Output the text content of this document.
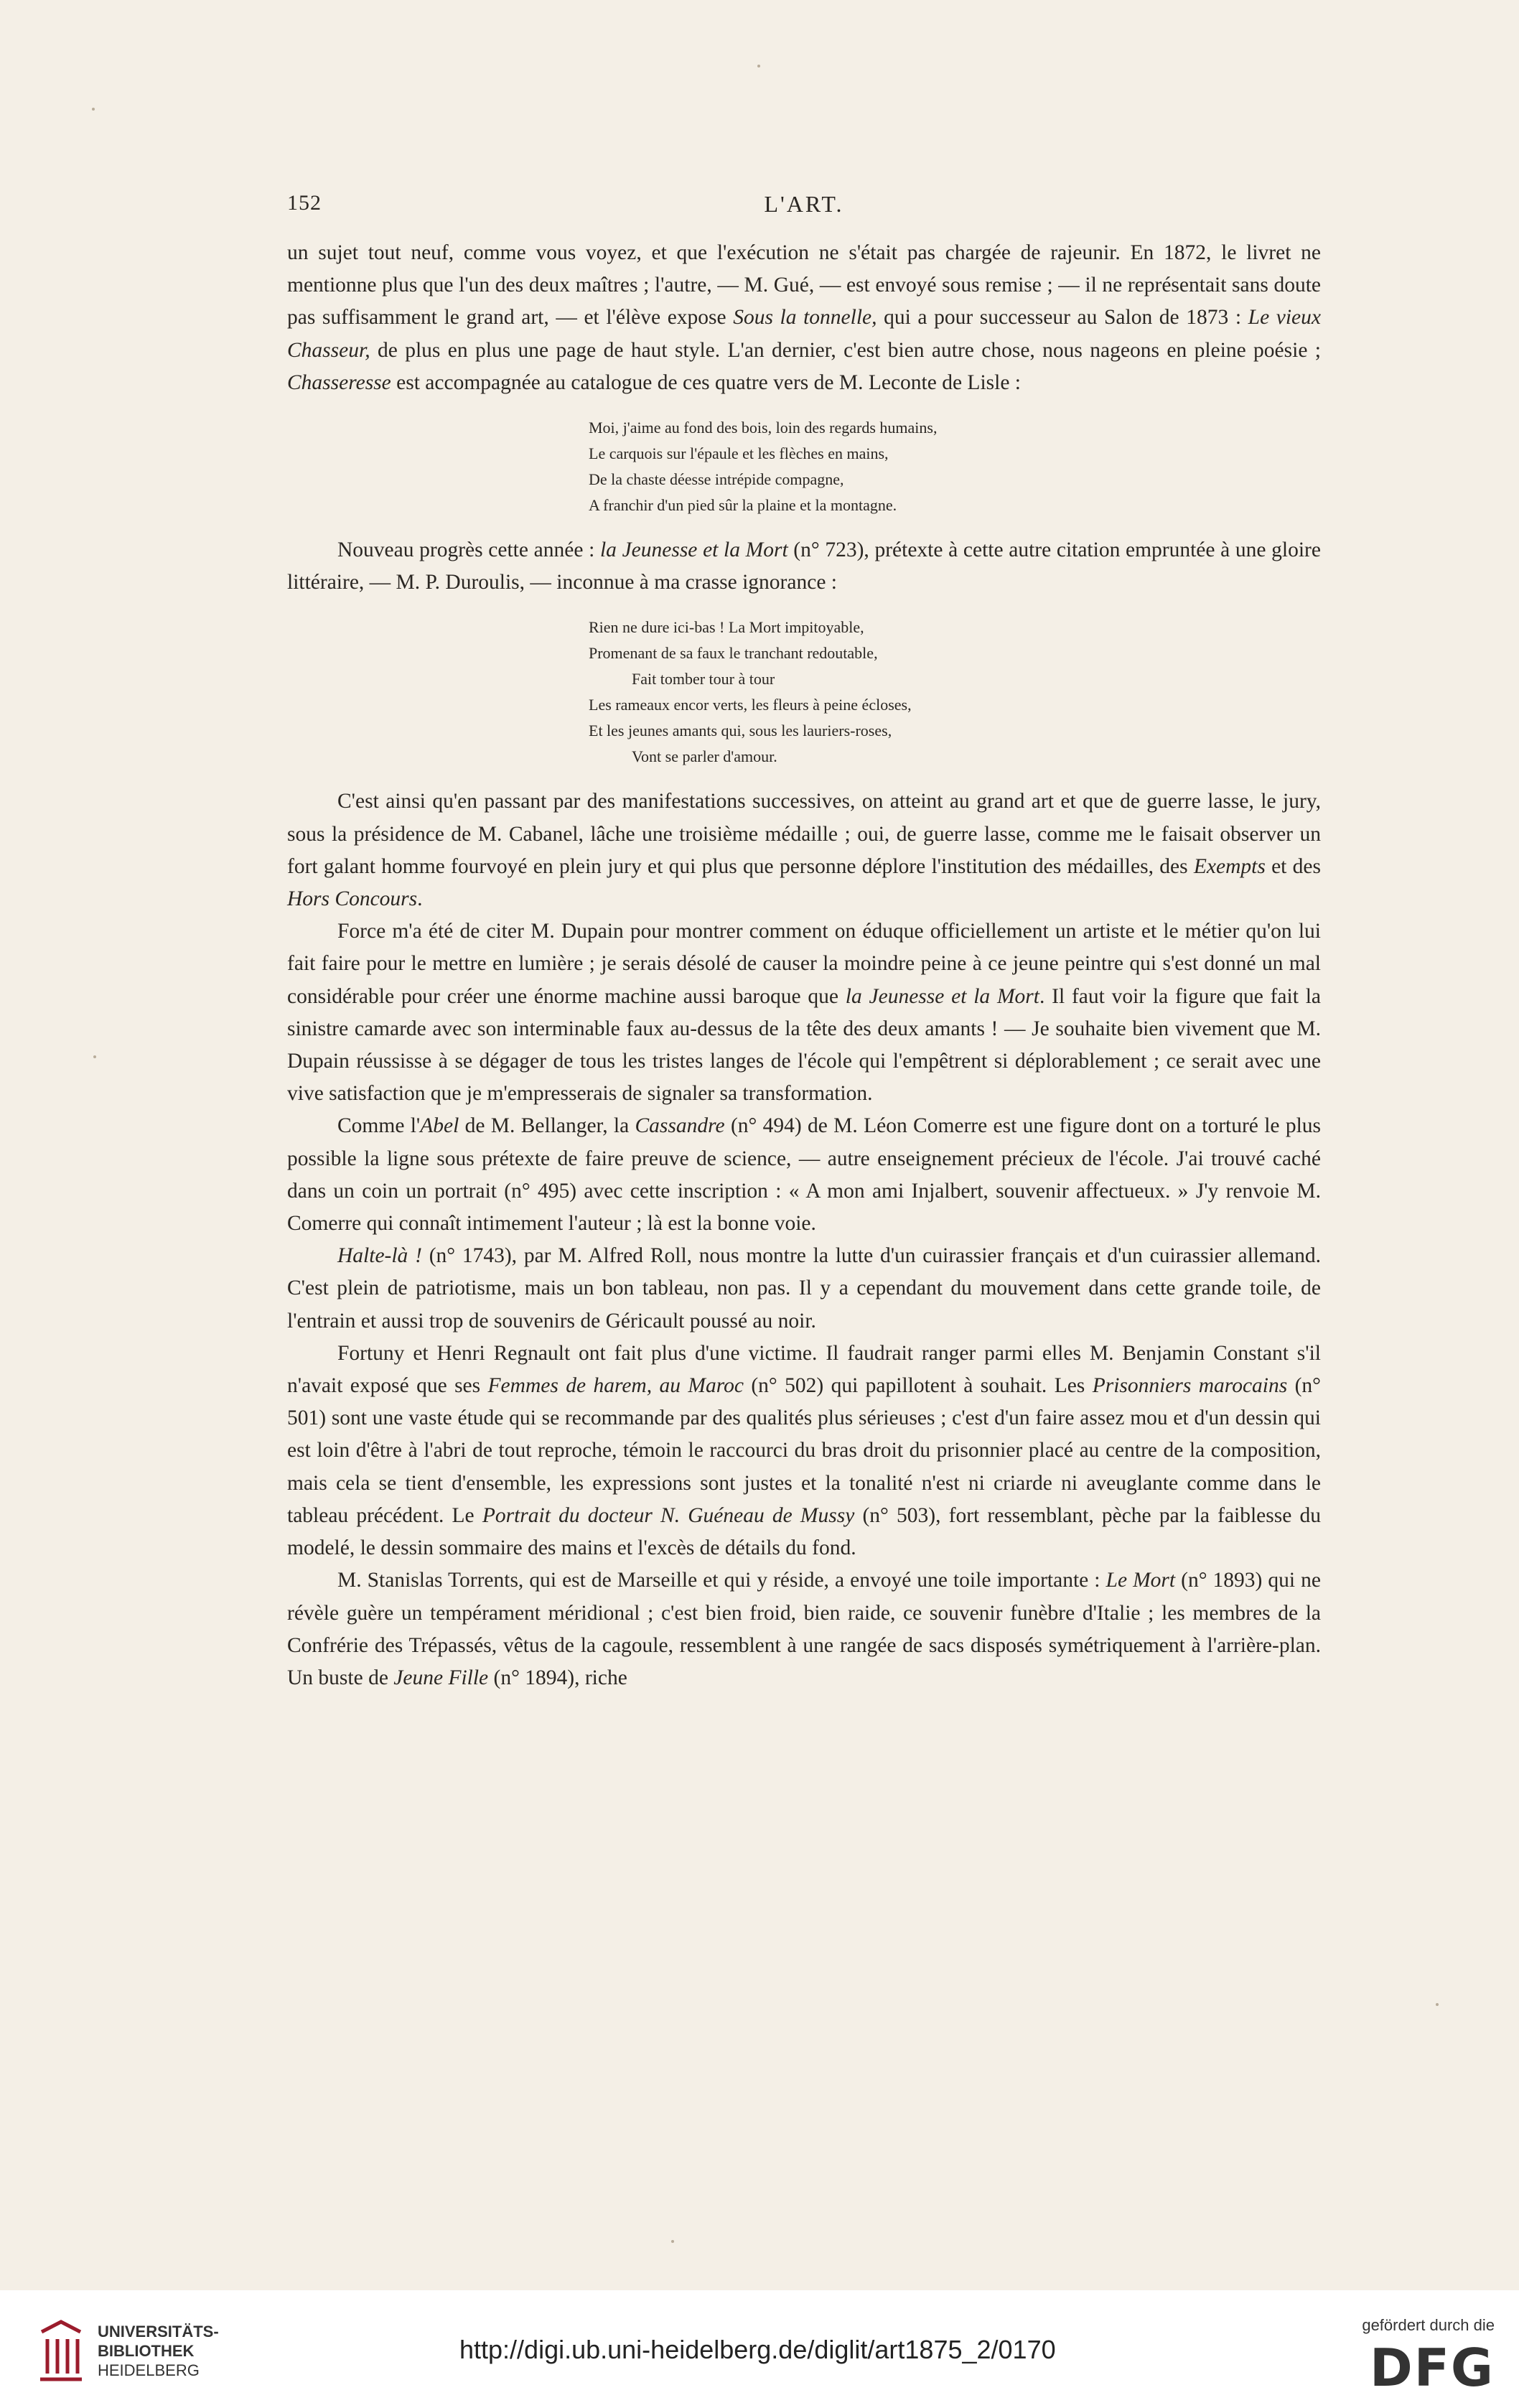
152	L'ART.

un sujet tout neuf, comme vous voyez, et que l'exécution ne s'était pas chargée de rajeunir. En 1872, le livret ne mentionne plus que l'un des deux maîtres ; l'autre, — M. Gué, — est envoyé sous remise ; — il ne représentait sans doute pas suffisamment le grand art, — et l'élève expose Sous la tonnelle, qui a pour successeur au Salon de 1873 : Le vieux Chasseur, de plus en plus une page de haut style. L'an dernier, c'est bien autre chose, nous nageons en pleine poésie ; Chasseresse est accompagnée au catalogue de ces quatre vers de M. Leconte de Lisle :

Moi, j'aime au fond des bois, loin des regards humains,
Le carquois sur l'épaule et les flèches en mains,
De la chaste déesse intrépide compagne,
A franchir d'un pied sûr la plaine et la montagne.

Nouveau progrès cette année : la Jeunesse et la Mort (n° 723), prétexte à cette autre citation empruntée à une gloire littéraire, — M. P. Duroulis, — inconnue à ma crasse ignorance :

Rien ne dure ici-bas ! La Mort impitoyable,
Promenant de sa faux le tranchant redoutable,
Fait tomber tour à tour
Les rameaux encor verts, les fleurs à peine écloses,
Et les jeunes amants qui, sous les lauriers-roses,
Vont se parler d'amour.

C'est ainsi qu'en passant par des manifestations successives, on atteint au grand art et que de guerre lasse, le jury, sous la présidence de M. Cabanel, lâche une troisième médaille ; oui, de guerre lasse, comme me le faisait observer un fort galant homme fourvoyé en plein jury et qui plus que personne déplore l'institution des médailles, des Exempts et des Hors Concours.

Force m'a été de citer M. Dupain pour montrer comment on éduque officiellement un artiste et le métier qu'on lui fait faire pour le mettre en lumière ; je serais désolé de causer la moindre peine à ce jeune peintre qui s'est donné un mal considérable pour créer une énorme machine aussi baroque que la Jeunesse et la Mort. Il faut voir la figure que fait la sinistre camarde avec son interminable faux au-dessus de la tête des deux amants ! — Je souhaite bien vivement que M. Dupain réussisse à se dégager de tous les tristes langes de l'école qui l'empêtrent si déplorablement ; ce serait avec une vive satisfaction que je m'empresserais de signaler sa transformation.

Comme l'Abel de M. Bellanger, la Cassandre (n° 494) de M. Léon Comerre est une figure dont on a torturé le plus possible la ligne sous prétexte de faire preuve de science, — autre enseignement précieux de l'école. J'ai trouvé caché dans un coin un portrait (n° 495) avec cette inscription : « A mon ami Injalbert, souvenir affectueux. » J'y renvoie M. Comerre qui connaît intimement l'auteur ; là est la bonne voie.

Halte-là ! (n° 1743), par M. Alfred Roll, nous montre la lutte d'un cuirassier français et d'un cuirassier allemand. C'est plein de patriotisme, mais un bon tableau, non pas. Il y a cependant du mouvement dans cette grande toile, de l'entrain et aussi trop de souvenirs de Géricault poussé au noir.

Fortuny et Henri Regnault ont fait plus d'une victime. Il faudrait ranger parmi elles M. Benjamin Constant s'il n'avait exposé que ses Femmes de harem, au Maroc (n° 502) qui papillotent à souhait. Les Prisonniers marocains (n° 501) sont une vaste étude qui se recommande par des qualités plus sérieuses ; c'est d'un faire assez mou et d'un dessin qui est loin d'être à l'abri de tout reproche, témoin le raccourci du bras droit du prisonnier placé au centre de la composition, mais cela se tient d'ensemble, les expressions sont justes et la tonalité n'est ni criarde ni aveuglante comme dans le tableau précédent. Le Portrait du docteur N. Guéneau de Mussy (n° 503), fort ressemblant, pèche par la faiblesse du modelé, le dessin sommaire des mains et l'excès de détails du fond.

M. Stanislas Torrents, qui est de Marseille et qui y réside, a envoyé une toile importante : Le Mort (n° 1893) qui ne révèle guère un tempérament méridional ; c'est bien froid, bien raide, ce souvenir funèbre d'Italie ; les membres de la Confrérie des Trépassés, vêtus de la cagoule, ressemblent à une rangée de sacs disposés symétriquement à l'arrière-plan. Un buste de Jeune Fille (n° 1894), riche

UNIVERSITÄTS-
BIBLIOTHEK
HEIDELBERG
http://digi.ub.uni-heidelberg.de/diglit/art1875_2/0170
gefördert durch die
DFG
